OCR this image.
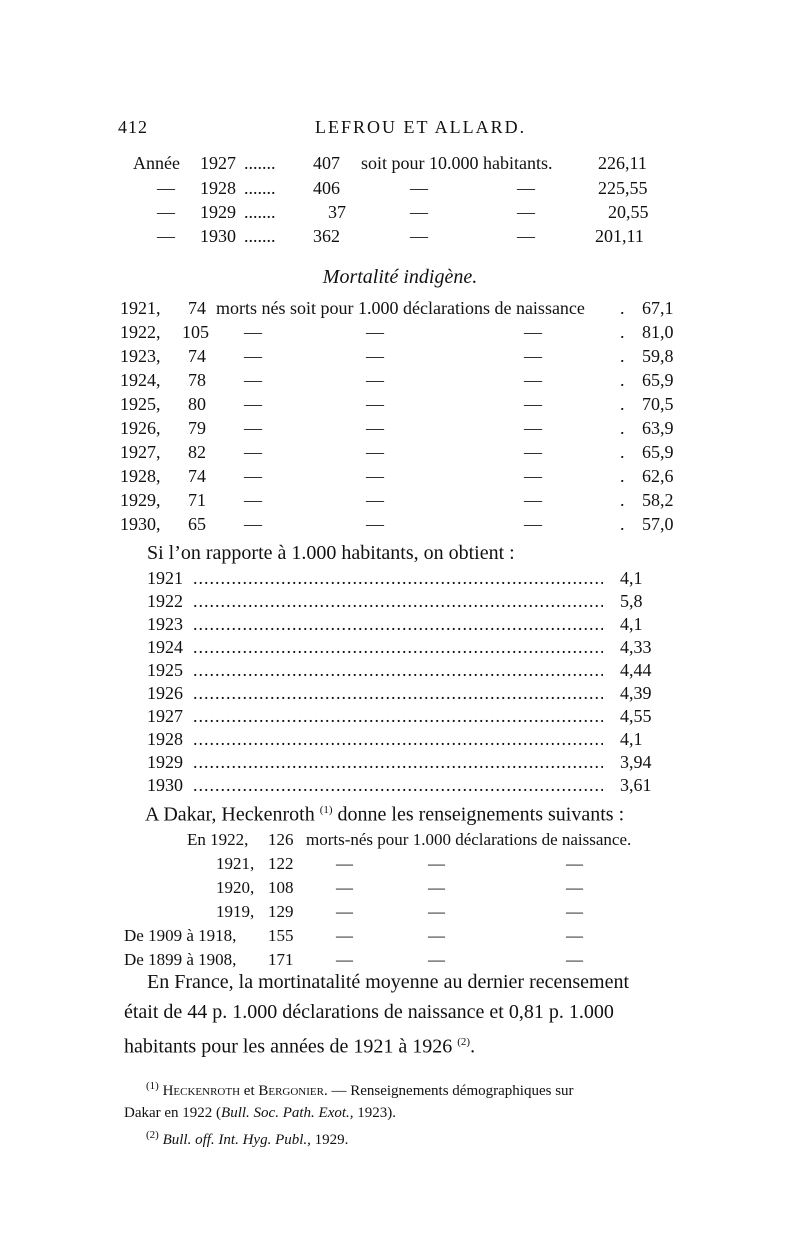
412	LEFROU ET ALLARD.
Année 1927 ....... 407 soit pour 10.000 habitants.	226,11
— 1928 ....... 406	—	—	225,55
— 1929 .......	37	—	—	20,55
— 1930 ....... 362	—	—	201,11
Mortalité indigène.
1921, 74 morts nés soit pour 1.000 déclarations de naissance . 67,1
1922, 105 —	—	—	. 81,0
1923, 74 —	—	—	. 59,8
1924, 78 —	—	—	. 65,9
1925, 80 —	—	—	. 70,5
1926, 79 —	—	—	. 63,9
1927, 82 —	—	—	. 65,9
1928, 74 —	—	—	. 62,6
1929, 71 —	—	—	. 58,2
1930, 65 —	—	—	. 57,0
Si l’on rapporte à 1.000 habitants, on obtient :
1921 .....	4,1
1922 .....	5,8
1923 .....	4,1
1924 .....	4,33
1925 .....	4,44
1926 .....	4,39
1927 .....	4,55
1928 .....	4,1
1929 .....	3,94
1930 .....	3,61
A Dakar, Heckenroth $^{(1)}$ donne les renseignements suivants :
En 1922, 126 morts-nés pour 1.000 déclarations de naissance.
1921, 122	—	—	—
1920, 108	—	—	—
1919, 129	—	—	—
De 1909 à 1918, 155	—	—	—
De 1899 à 1908, 171	—	—	—
En France, la mortinatalité moyenne au dernier recensement
était de 44 p. 1.000 déclarations de naissance et 0,81 p. 1.000
habitants pour les années de 1921 à 1926 $^{(2)}$.
$^{(1)}$ Heckenroth et Bergonier. — Renseignements démographiques sur
Dakar en 1922 (Bull. Soc. Path. Exot., 1923).
$^{(2)}$ Bull. off. Int. Hyg. Publ., 1929.
